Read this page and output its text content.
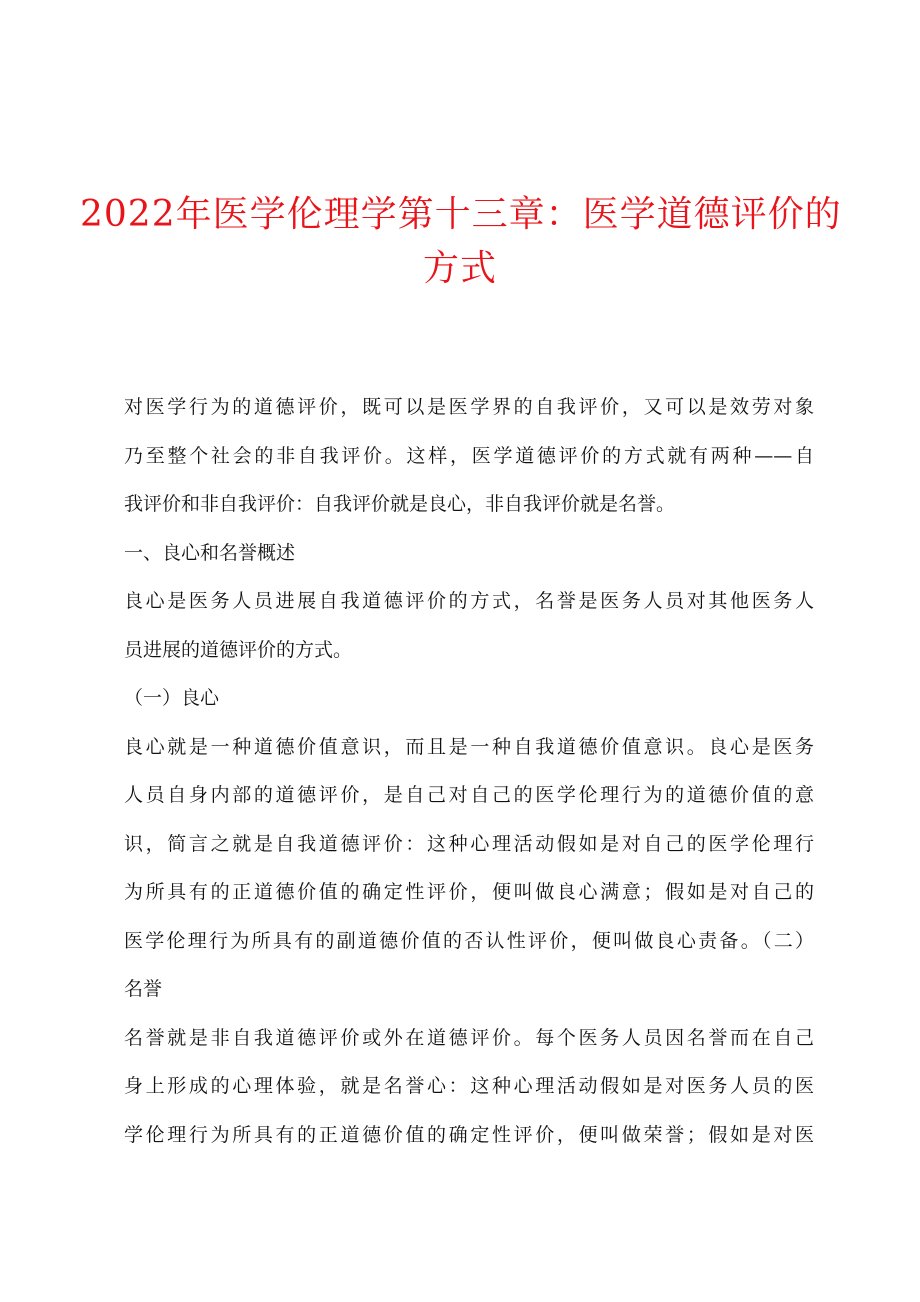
2022年医学伦理学第十三章：医学道德评价的
方式
对医学行为的道德评价，既可以是医学界的自我评价，又可以是效劳对象
乃至整个社会的非自我评价。这样，医学道德评价的方式就有两种——自
我评价和非自我评价：自我评价就是良心，非自我评价就是名誉。
一、良心和名誉概述
良心是医务人员进展自我道德评价的方式，名誉是医务人员对其他医务人
员进展的道德评价的方式。
（一）良心
良心就是一种道德价值意识，而且是一种自我道德价值意识。良心是医务
人员自身内部的道德评价，是自己对自己的医学伦理行为的道德价值的意
识，简言之就是自我道德评价：这种心理活动假如是对自己的医学伦理行
为所具有的正道德价值的确定性评价，便叫做良心满意；假如是对自己的
医学伦理行为所具有的副道德价值的否认性评价，便叫做良心责备。（二）
名誉
名誉就是非自我道德评价或外在道德评价。每个医务人员因名誉而在自己
身上形成的心理体验，就是名誉心：这种心理活动假如是对医务人员的医
学伦理行为所具有的正道德价值的确定性评价，便叫做荣誉；假如是对医
